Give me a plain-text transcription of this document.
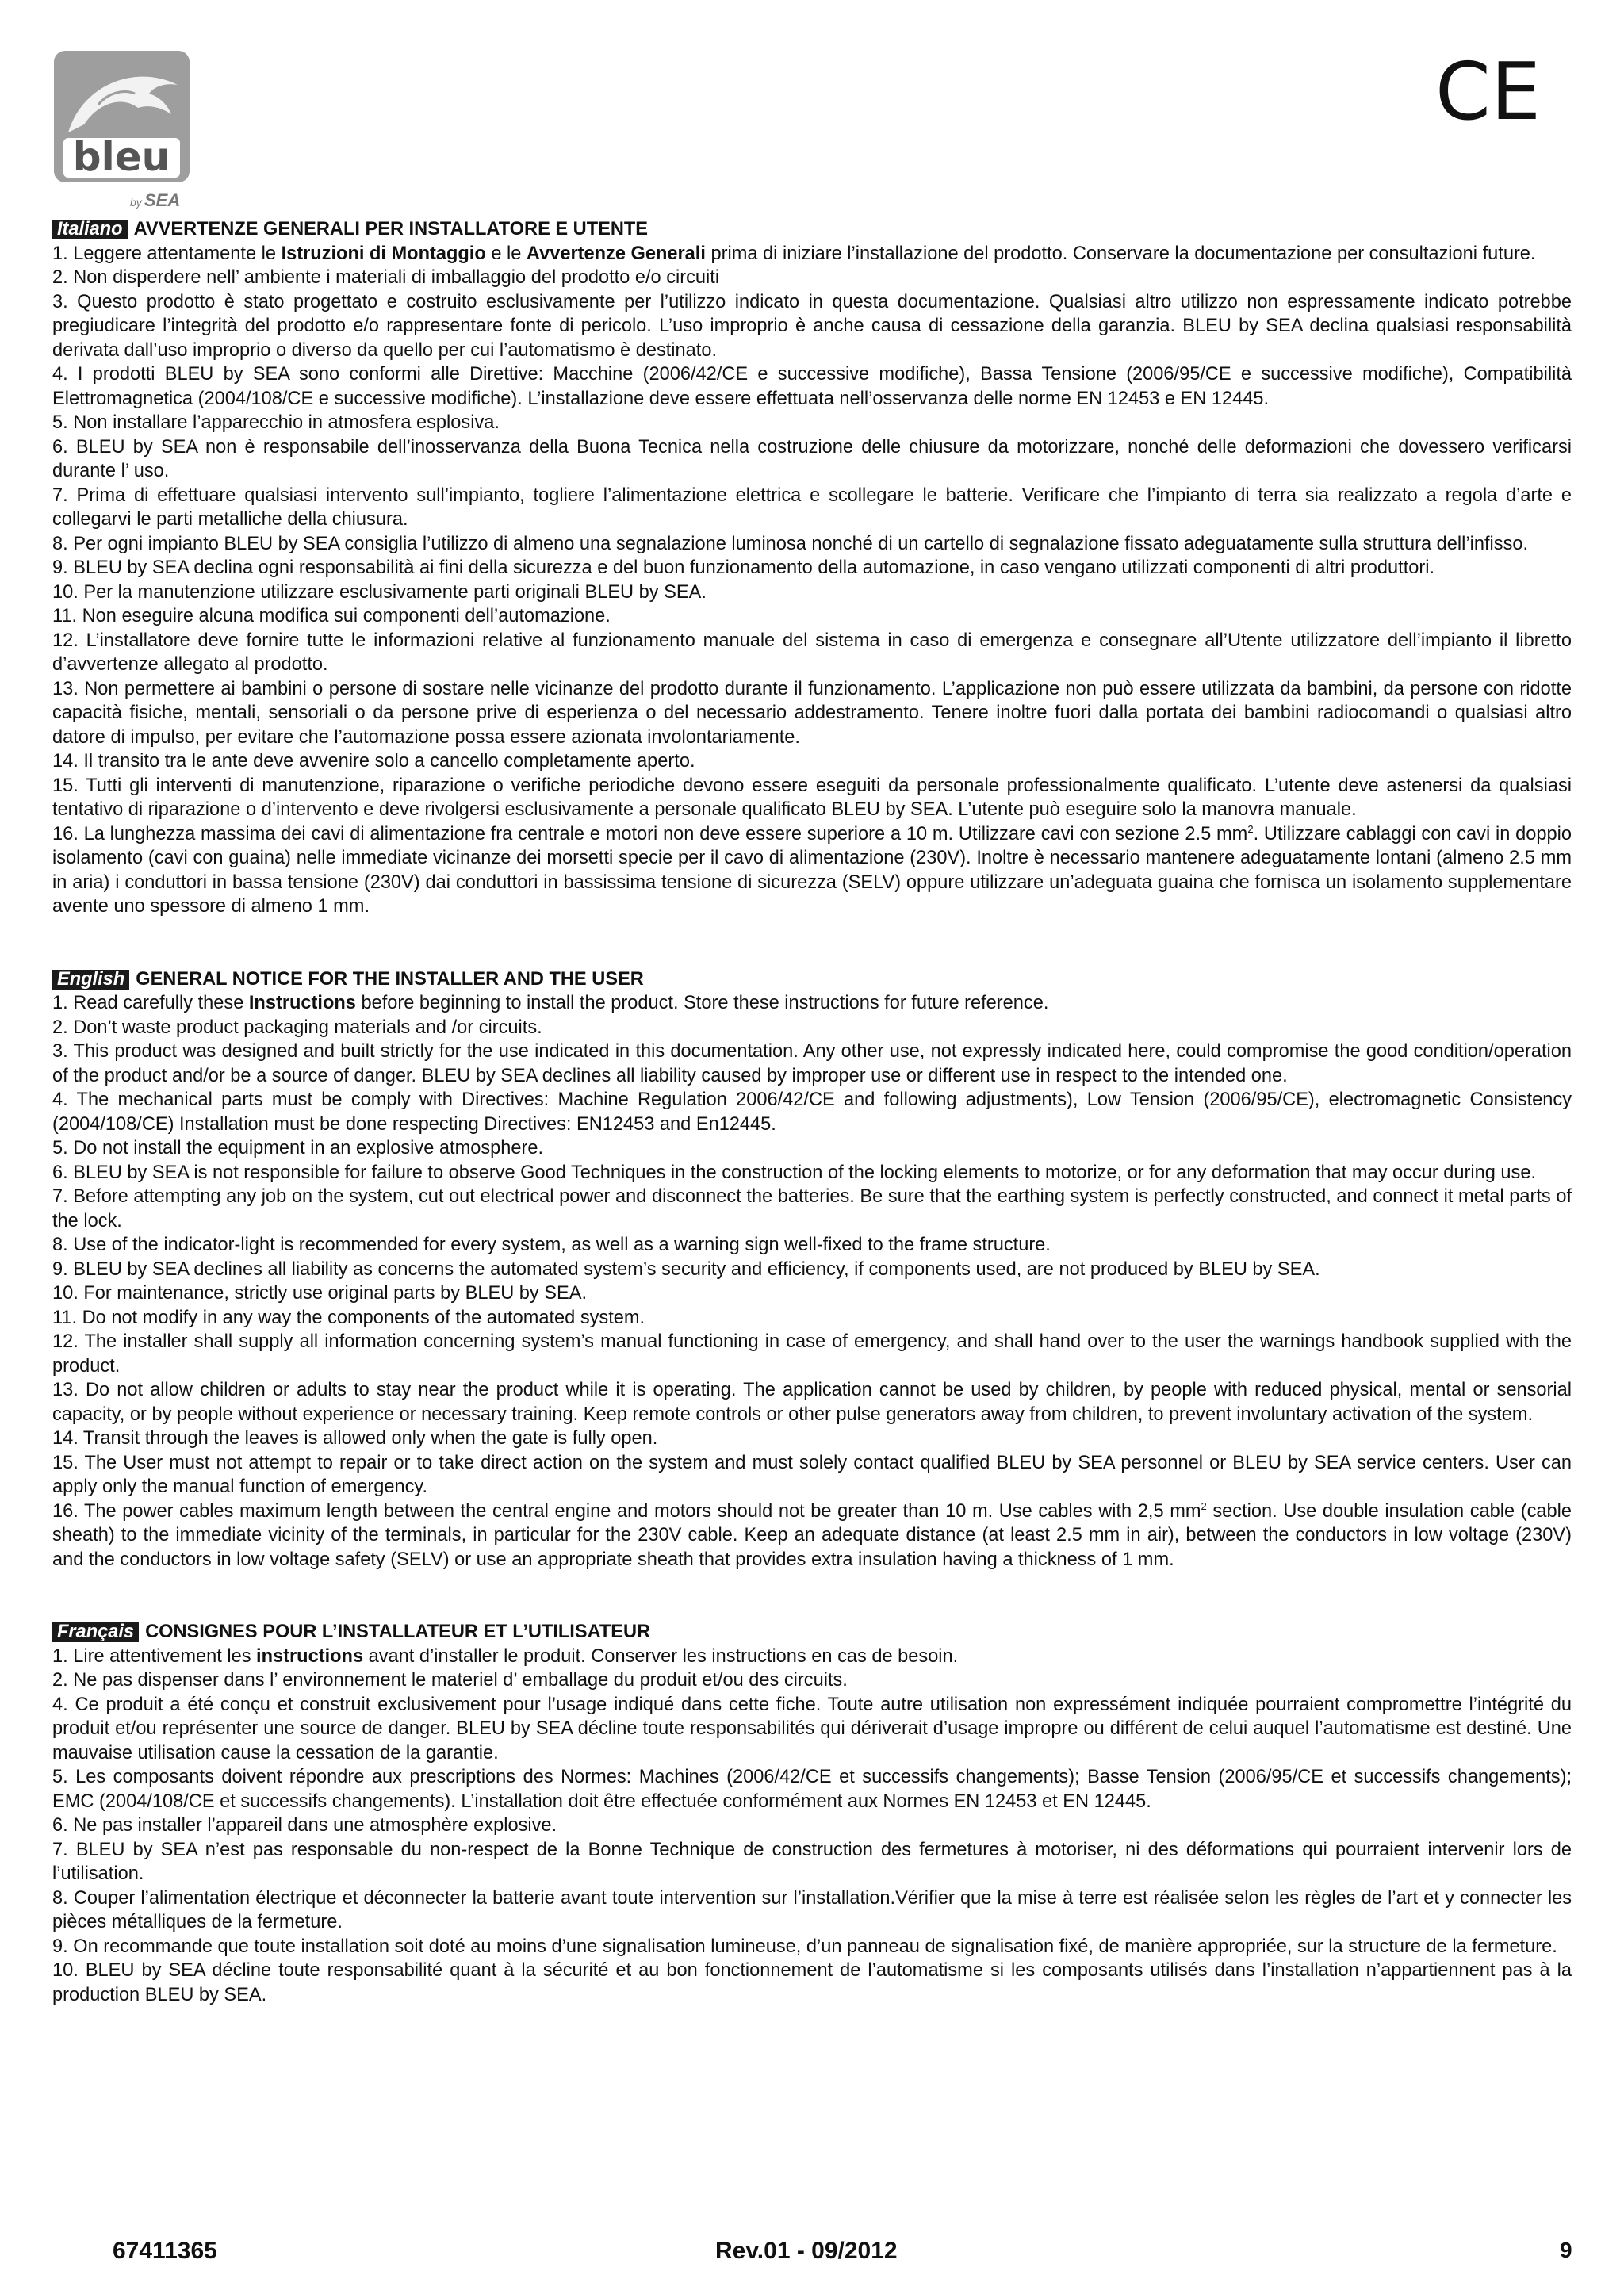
bleu
by SEA
CE

Italiano AVVERTENZE GENERALI PER INSTALLATORE E UTENTE

1. Leggere attentamente le Istruzioni di Montaggio e le Avvertenze Generali prima di iniziare l’installazione del prodotto. Conservare la documentazione per consultazioni future.

2. Non disperdere nell’ ambiente i materiali di imballaggio del prodotto e/o circuiti

3. Questo prodotto è stato progettato e costruito esclusivamente per l’utilizzo indicato in questa documentazione. Qualsiasi altro utilizzo non espressamente indicato potrebbe pregiudicare l’integrità del prodotto e/o rappresentare fonte di pericolo. L’uso improprio è anche causa di cessazione della garanzia. BLEU by SEA declina qualsiasi responsabilità derivata dall’uso improprio o diverso da quello per cui l’automatismo è destinato.

4. I prodotti BLEU by SEA sono conformi alle Direttive: Macchine (2006/42/CE e successive modifiche), Bassa Tensione (2006/95/CE e successive modifiche), Compatibilità Elettromagnetica (2004/108/CE e successive modifiche). L’installazione deve essere effettuata nell’osservanza delle norme EN 12453 e EN 12445.

5. Non installare l’apparecchio in atmosfera esplosiva.

6. BLEU by SEA non è responsabile dell’inosservanza della Buona Tecnica nella costruzione delle chiusure da motorizzare, nonché delle deformazioni che dovessero verificarsi durante l’ uso.

7. Prima di effettuare qualsiasi intervento sull’impianto, togliere l’alimentazione elettrica e scollegare le batterie. Verificare che l’impianto di terra sia realizzato a regola d’arte e collegarvi le parti metalliche della chiusura.

8. Per ogni impianto BLEU by SEA consiglia l’utilizzo di almeno una segnalazione luminosa nonché di un cartello di segnalazione fissato adeguatamente sulla struttura dell’infisso.

9. BLEU by SEA declina ogni responsabilità ai fini della sicurezza e del buon funzionamento della automazione, in caso vengano utilizzati componenti di altri produttori.

10. Per la manutenzione utilizzare esclusivamente parti originali BLEU by SEA.

11. Non eseguire alcuna modifica sui componenti dell’automazione.

12. L’installatore deve fornire tutte le informazioni relative al funzionamento manuale del sistema in caso di emergenza e consegnare all’Utente utilizzatore dell’impianto il libretto d’avvertenze allegato al prodotto.

13. Non permettere ai bambini o persone di sostare nelle vicinanze del prodotto durante il funzionamento. L’applicazione non può essere utilizzata da bambini, da persone con ridotte capacità fisiche, mentali, sensoriali o da persone prive di esperienza o del necessario addestramento. Tenere inoltre fuori dalla portata dei bambini radiocomandi o qualsiasi altro datore di impulso, per evitare che l’automazione possa essere azionata involontariamente.

14. Il transito tra le ante deve avvenire solo a cancello completamente aperto.

15. Tutti gli interventi di manutenzione, riparazione o verifiche periodiche devono essere eseguiti da personale professionalmente qualificato. L’utente deve astenersi da qualsiasi tentativo di riparazione o d’intervento e deve rivolgersi esclusivamente a personale qualificato BLEU by SEA. L’utente può eseguire solo la manovra manuale.

16. La lunghezza massima dei cavi di alimentazione fra centrale e motori non deve essere superiore a 10 m. Utilizzare cavi con sezione 2.5 $mm^2$. Utilizzare cablaggi con cavi in doppio isolamento (cavi con guaina) nelle immediate vicinanze dei morsetti specie per il cavo di alimentazione (230V). Inoltre è necessario mantenere adeguatamente lontani (almeno 2.5 mm in aria) i conduttori in bassa tensione (230V) dai conduttori in bassissima tensione di sicurezza (SELV) oppure utilizzare un’adeguata guaina che fornisca un isolamento supplementare avente uno spessore di almeno 1 mm.

English GENERAL NOTICE FOR THE INSTALLER AND THE USER

1. Read carefully these Instructions before beginning to install the product. Store these instructions for future reference.

2. Don’t waste product packaging materials and /or circuits.

3. This product was designed and built strictly for the use indicated in this documentation. Any other use, not expressly indicated here, could compromise the good condition/operation of the product and/or be a source of danger. BLEU by SEA declines all liability caused by improper use or different use in respect to the intended one.

4. The mechanical parts must be comply with Directives: Machine Regulation 2006/42/CE and following adjustments), Low Tension (2006/95/CE), electromagnetic Consistency (2004/108/CE) Installation must be done respecting Directives: EN12453 and En12445.

5. Do not install the equipment in an explosive atmosphere.

6. BLEU by SEA is not responsible for failure to observe Good Techniques in the construction of the locking elements to motorize, or for any deformation that may occur during use.

7. Before attempting any job on the system, cut out electrical power and disconnect the batteries. Be sure that the earthing system is perfectly constructed, and connect it metal parts of the lock.

8. Use of the indicator-light is recommended for every system, as well as a warning sign well-fixed to the frame structure.

9. BLEU by SEA declines all liability as concerns the automated system’s security and efficiency, if components used, are not produced by BLEU by SEA.

10. For maintenance, strictly use original parts by BLEU by SEA.

11. Do not modify in any way the components of the automated system.

12. The installer shall supply all information concerning system’s manual functioning in case of emergency, and shall hand over to the user the warnings handbook supplied with the product.

13. Do not allow children or adults to stay near the product while it is operating. The application cannot be used by children, by people with reduced physical, mental or sensorial capacity, or by people without experience or necessary training. Keep remote controls or other pulse generators away from children, to prevent involuntary activation of the system.

14. Transit through the leaves is allowed only when the gate is fully open.

15. The User must not attempt to repair or to take direct action on the system and must solely contact qualified BLEU by SEA personnel or BLEU by SEA service centers. User can apply only the manual function of emergency.

16. The power cables maximum length between the central engine and motors should not be greater than 10 m. Use cables with 2,5 $mm^2$ section. Use double insulation cable (cable sheath) to the immediate vicinity of the terminals, in particular for the 230V cable. Keep an adequate distance (at least 2.5 mm in air), between the conductors in low voltage (230V) and the conductors in low voltage safety (SELV) or use an appropriate sheath that provides extra insulation having a thickness of 1 mm.

Français CONSIGNES POUR L’INSTALLATEUR ET L’UTILISATEUR

1. Lire attentivement les instructions avant d’installer le produit. Conserver les instructions en cas de besoin.

2. Ne pas dispenser dans l’ environnement le materiel d’ emballage du produit et/ou des circuits.

4. Ce produit a été conçu et construit exclusivement pour l’usage indiqué dans cette fiche. Toute autre utilisation non expressément indiquée pourraient compromettre l’intégrité du produit et/ou représenter une source de danger. BLEU by SEA décline toute responsabilités qui dériverait d’usage impropre ou différent de celui auquel l’automatisme est destiné. Une mauvaise utilisation cause la cessation de la garantie.

5. Les composants doivent répondre aux prescriptions des Normes: Machines (2006/42/CE et successifs changements); Basse Tension (2006/95/CE et successifs changements); EMC (2004/108/CE et successifs changements). L’installation doit être effectuée conformément aux Normes EN 12453 et EN 12445.

6. Ne pas installer l’appareil dans une atmosphère explosive.

7. BLEU by SEA n’est pas responsable du non-respect de la Bonne Technique de construction des fermetures à motoriser, ni des déformations qui pourraient intervenir lors de l’utilisation.

8. Couper l’alimentation électrique et déconnecter la batterie avant toute intervention sur l’installation.Vérifier que la mise à terre est réalisée selon les règles de l’art et y connecter les pièces métalliques de la fermeture.

9. On recommande que toute installation soit doté au moins d’une signalisation lumineuse, d’un panneau de signalisation fixé, de manière appropriée, sur la structure de la fermeture.

10. BLEU by SEA décline toute responsabilité quant à la sécurité et au bon fonctionnement de l’automatisme si les composants utilisés dans l’installation n’appartiennent pas à la production BLEU by SEA.

67411365	Rev.01 - 09/2012	9
